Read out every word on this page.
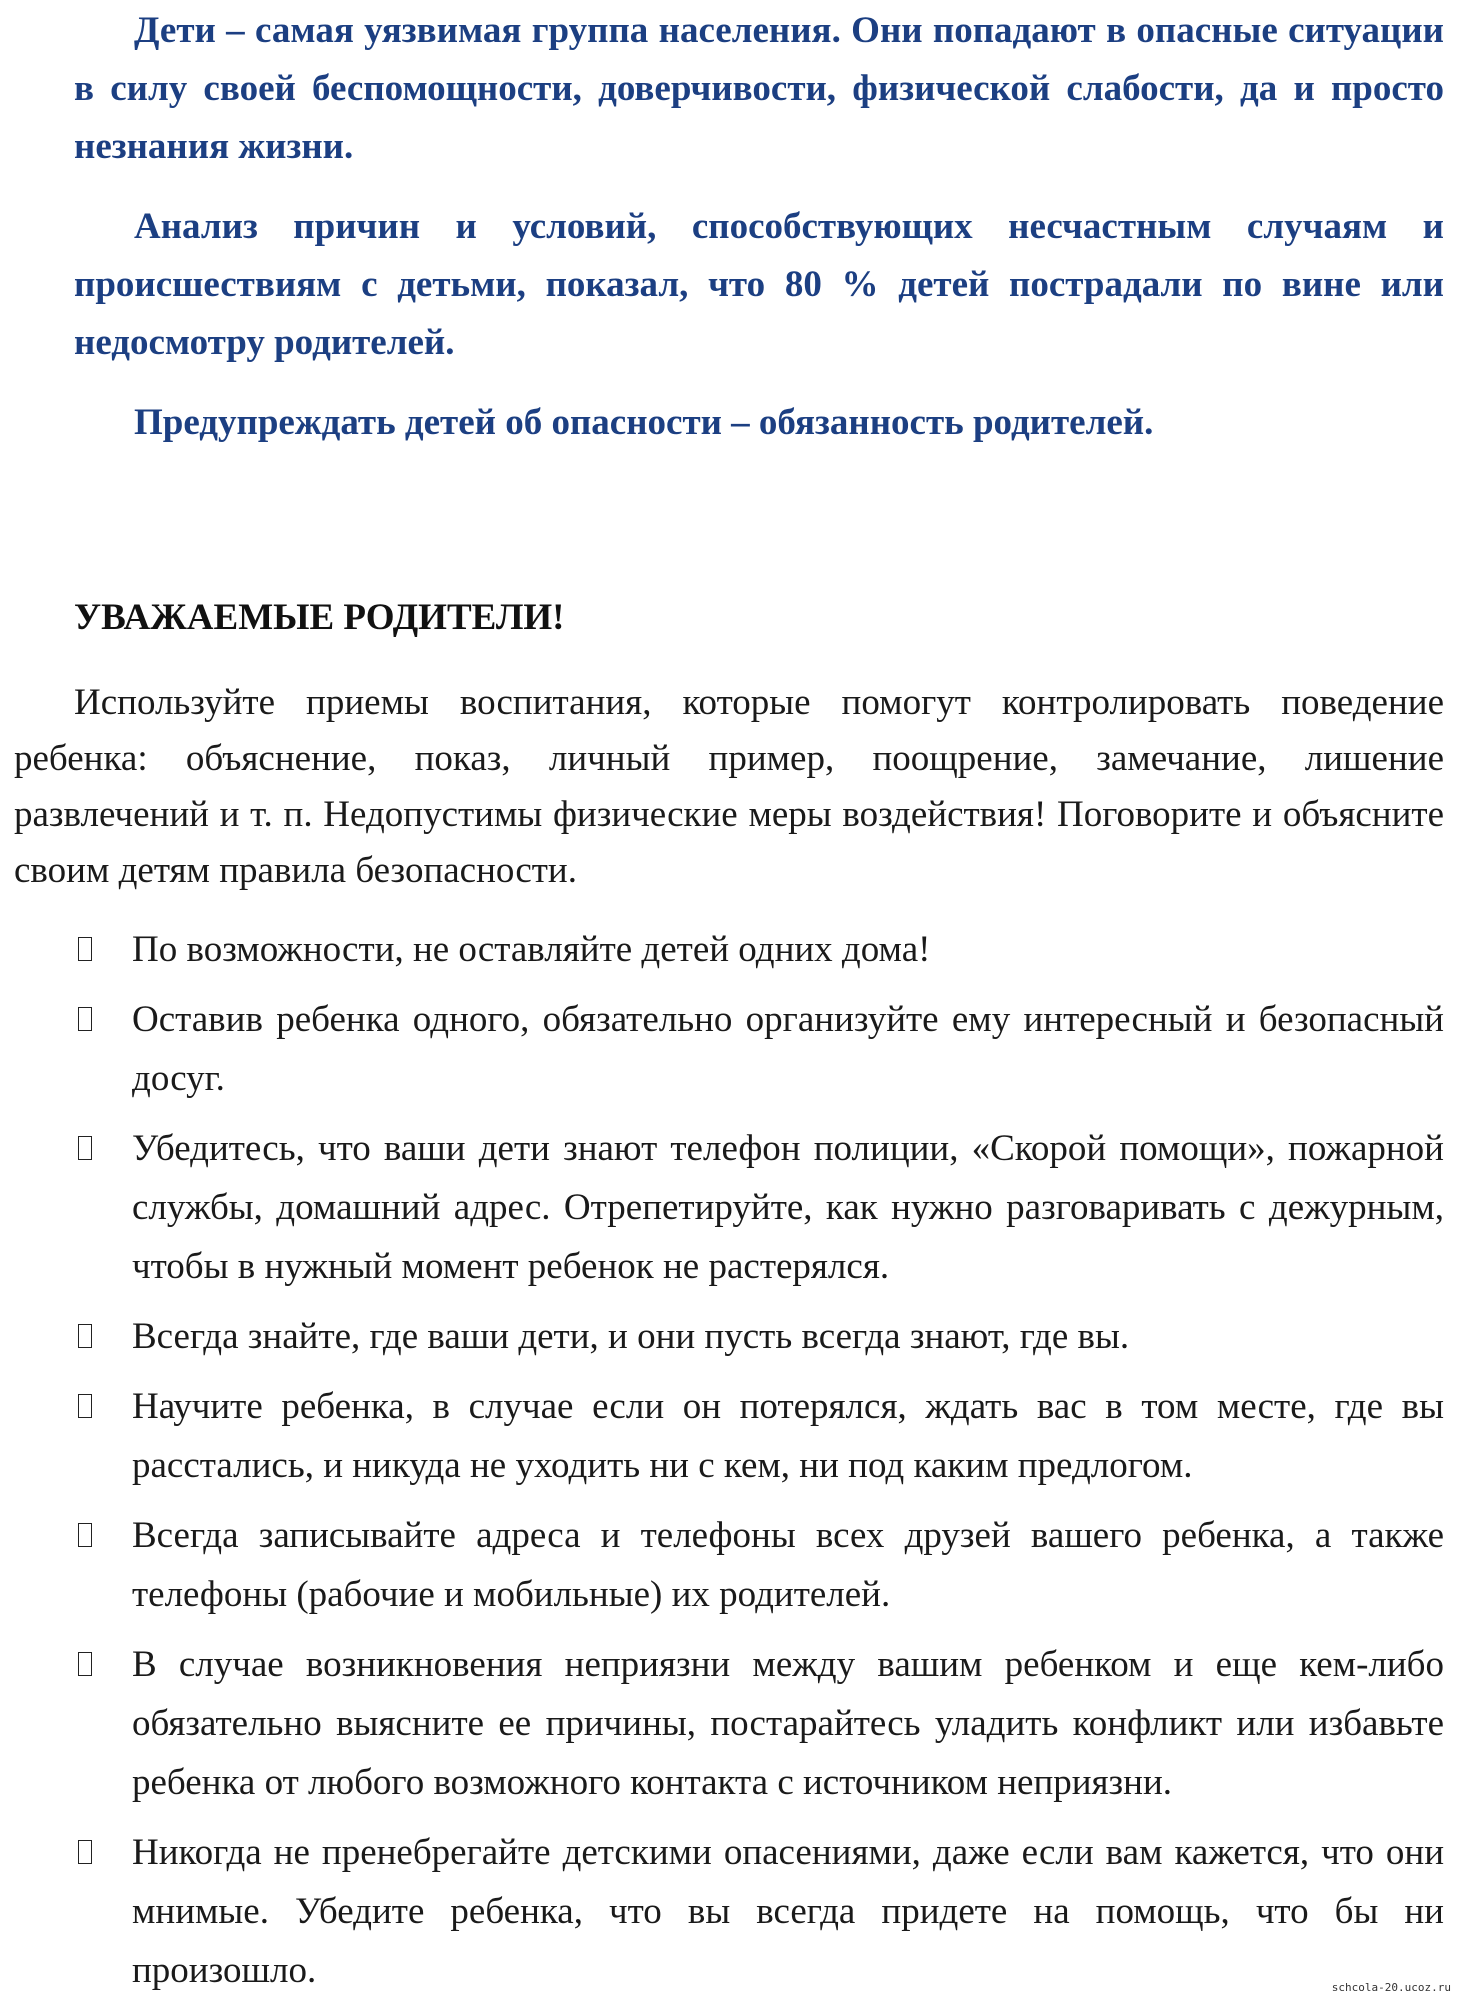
Дети – самая уязвимая группа населения. Они попадают в опасные ситуации в силу своей беспомощности, доверчивости, физической слабости, да и просто незнания жизни.

Анализ причин и условий, способствующих несчастным случаям и происшествиям с детьми, показал, что 80 % детей пострадали по вине или недосмотру родителей.

Предупреждать детей об опасности – обязанность родителей.

УВАЖАЕМЫЕ РОДИТЕЛИ!

Используйте приемы воспитания, которые помогут контролировать поведение ребенка: объяснение, показ, личный пример, поощрение, замечание, лишение развлечений и т. п. Недопустимы физические меры воздействия! Поговорите и объясните своим детям правила безопасности.

По возможности, не оставляйте детей одних дома!
Оставив ребенка одного, обязательно организуйте ему интересный и безопасный досуг.
Убедитесь, что ваши дети знают телефон полиции, «Скорой помощи», пожарной службы, домашний адрес. Отрепетируйте, как нужно разговаривать с дежурным, чтобы в нужный момент ребенок не растерялся.
Всегда знайте, где ваши дети, и они пусть всегда знают, где вы.
Научите ребенка, в случае если он потерялся, ждать вас в том месте, где вы расстались, и никуда не уходить ни с кем, ни под каким предлогом.
Всегда записывайте адреса и телефоны всех друзей вашего ребенка, а также телефоны (рабочие и мобильные) их родителей.
В случае возникновения неприязни между вашим ребенком и еще кем-либо обязательно выясните ее причины, постарайтесь уладить конфликт или избавьте ребенка от любого возможного контакта с источником неприязни.
Никогда не пренебрегайте детскими опасениями, даже если вам кажется, что они мнимые. Убедите ребенка, что вы всегда придете на помощь, что бы ни произошло.	schcola-20.ucoz.ru
